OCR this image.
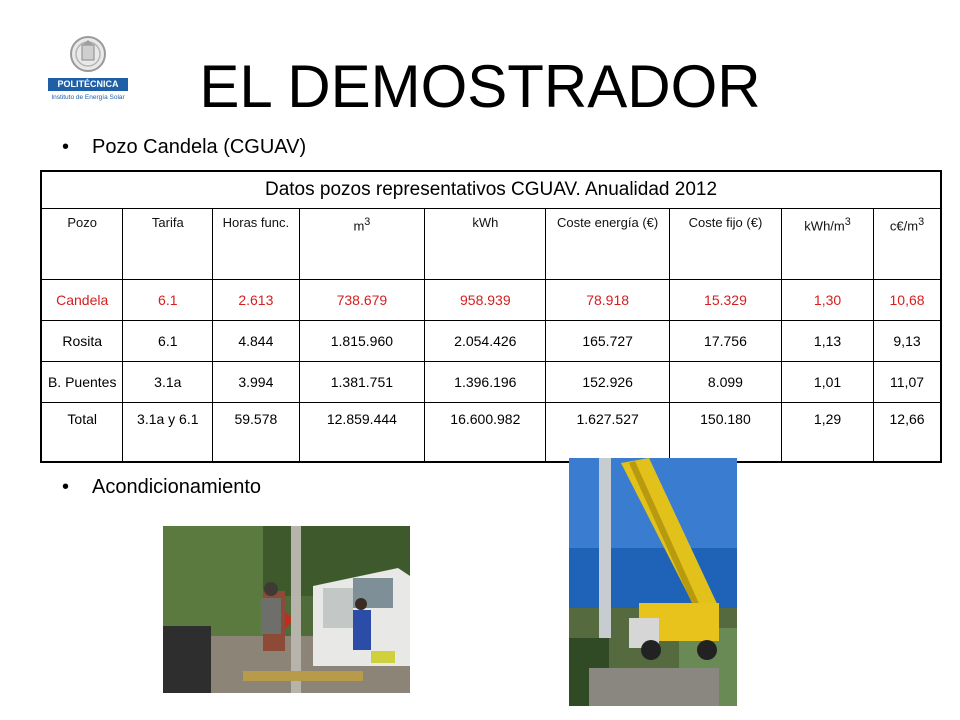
POLITÉCNICA
Instituto de Energía Solar	EL DEMOSTRADOR
• Pozo Candela (CGUAV)
Datos pozos representativos CGUAV. Anualidad 2012								
Pozo	Tarifa	Horas func.	$m^3$	kWh	Coste energía (€)	Coste fijo (€)	kWh/$m^3$	$c€/m^3$
Candela	6.1	2.613	738.679	958.939	78.918	15.329	1,30	10,68
Rosita	6.1	4.844	1.815.960	2.054.426	165.727	17.756	1,13	9,13
B. Puentes	3.1a	3.994	1.381.751	1.396.196	152.926	8.099	1,01	11,07
Total	3.1a y 6.1	59.578	12.859.444	16.600.982	1.627.527	150.180	1,29	12,66
• Acondicionamiento
